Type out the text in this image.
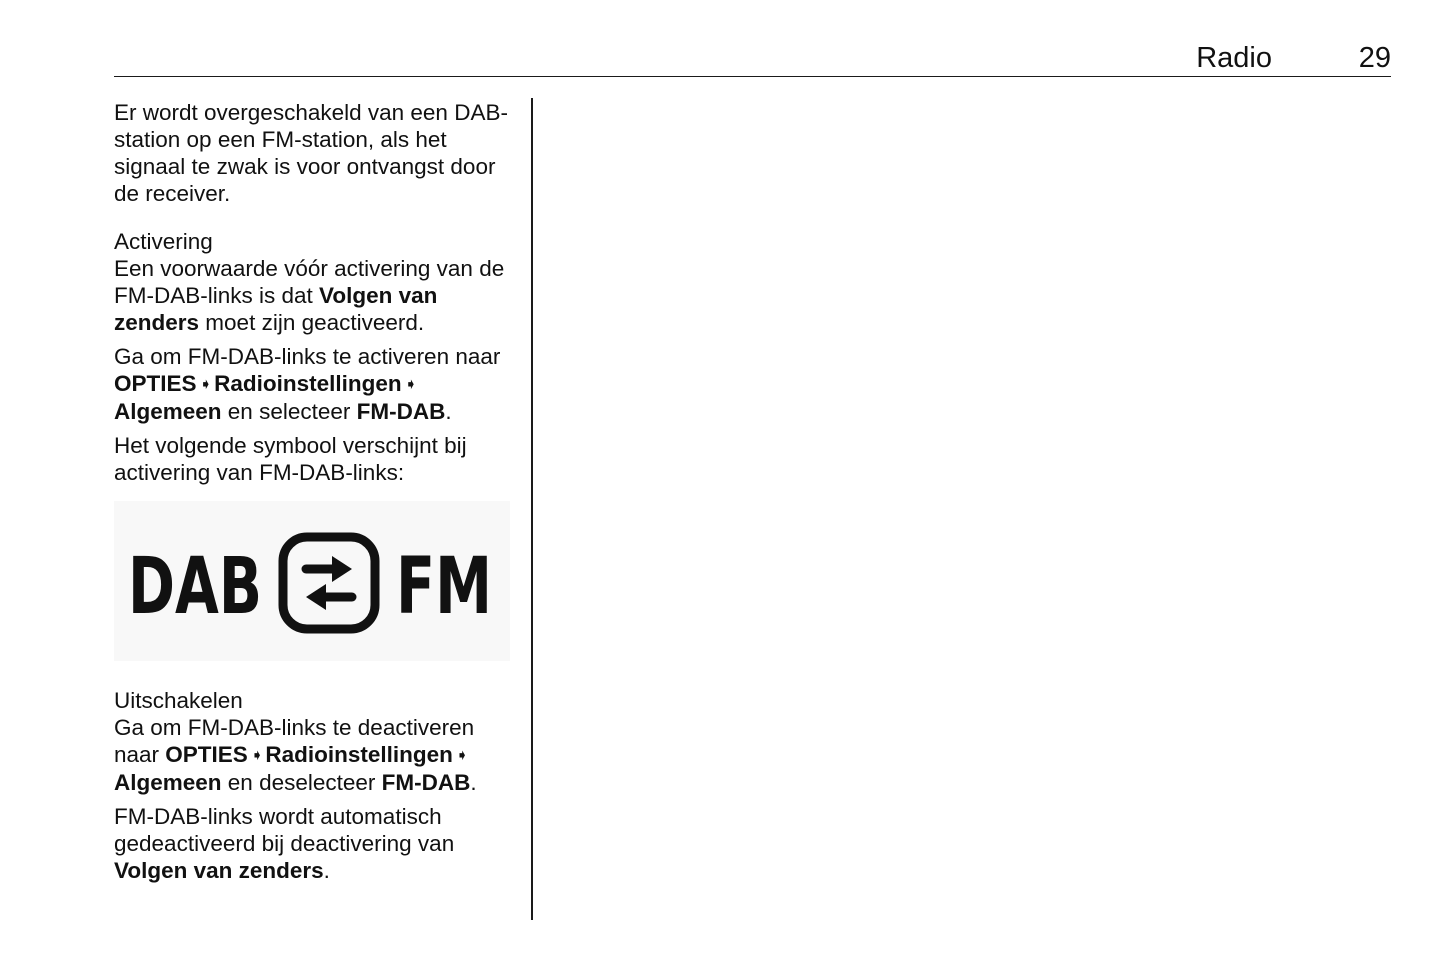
Radio	29

Er wordt overgeschakeld van een DAB-station op een FM-station, als het signaal te zwak is voor ontvangst door de receiver.

Activering

Een voorwaarde vóór activering van de FM-DAB-links is dat Volgen van zenders moet zijn geactiveerd.

Ga om FM-DAB-links te activeren naar OPTIES ➧Radioinstellingen ➧
Algemeen en selecteer FM-DAB.

Het volgende symbool verschijnt bij activering van FM-DAB-links:

DAB FM
Uitschakelen

Ga om FM-DAB-links te deactiveren naar OPTIES ➧Radioinstellingen ➧
Algemeen en deselecteer FM-DAB.

FM-DAB-links wordt automatisch gedeactiveerd bij deactivering van Volgen van zenders.
